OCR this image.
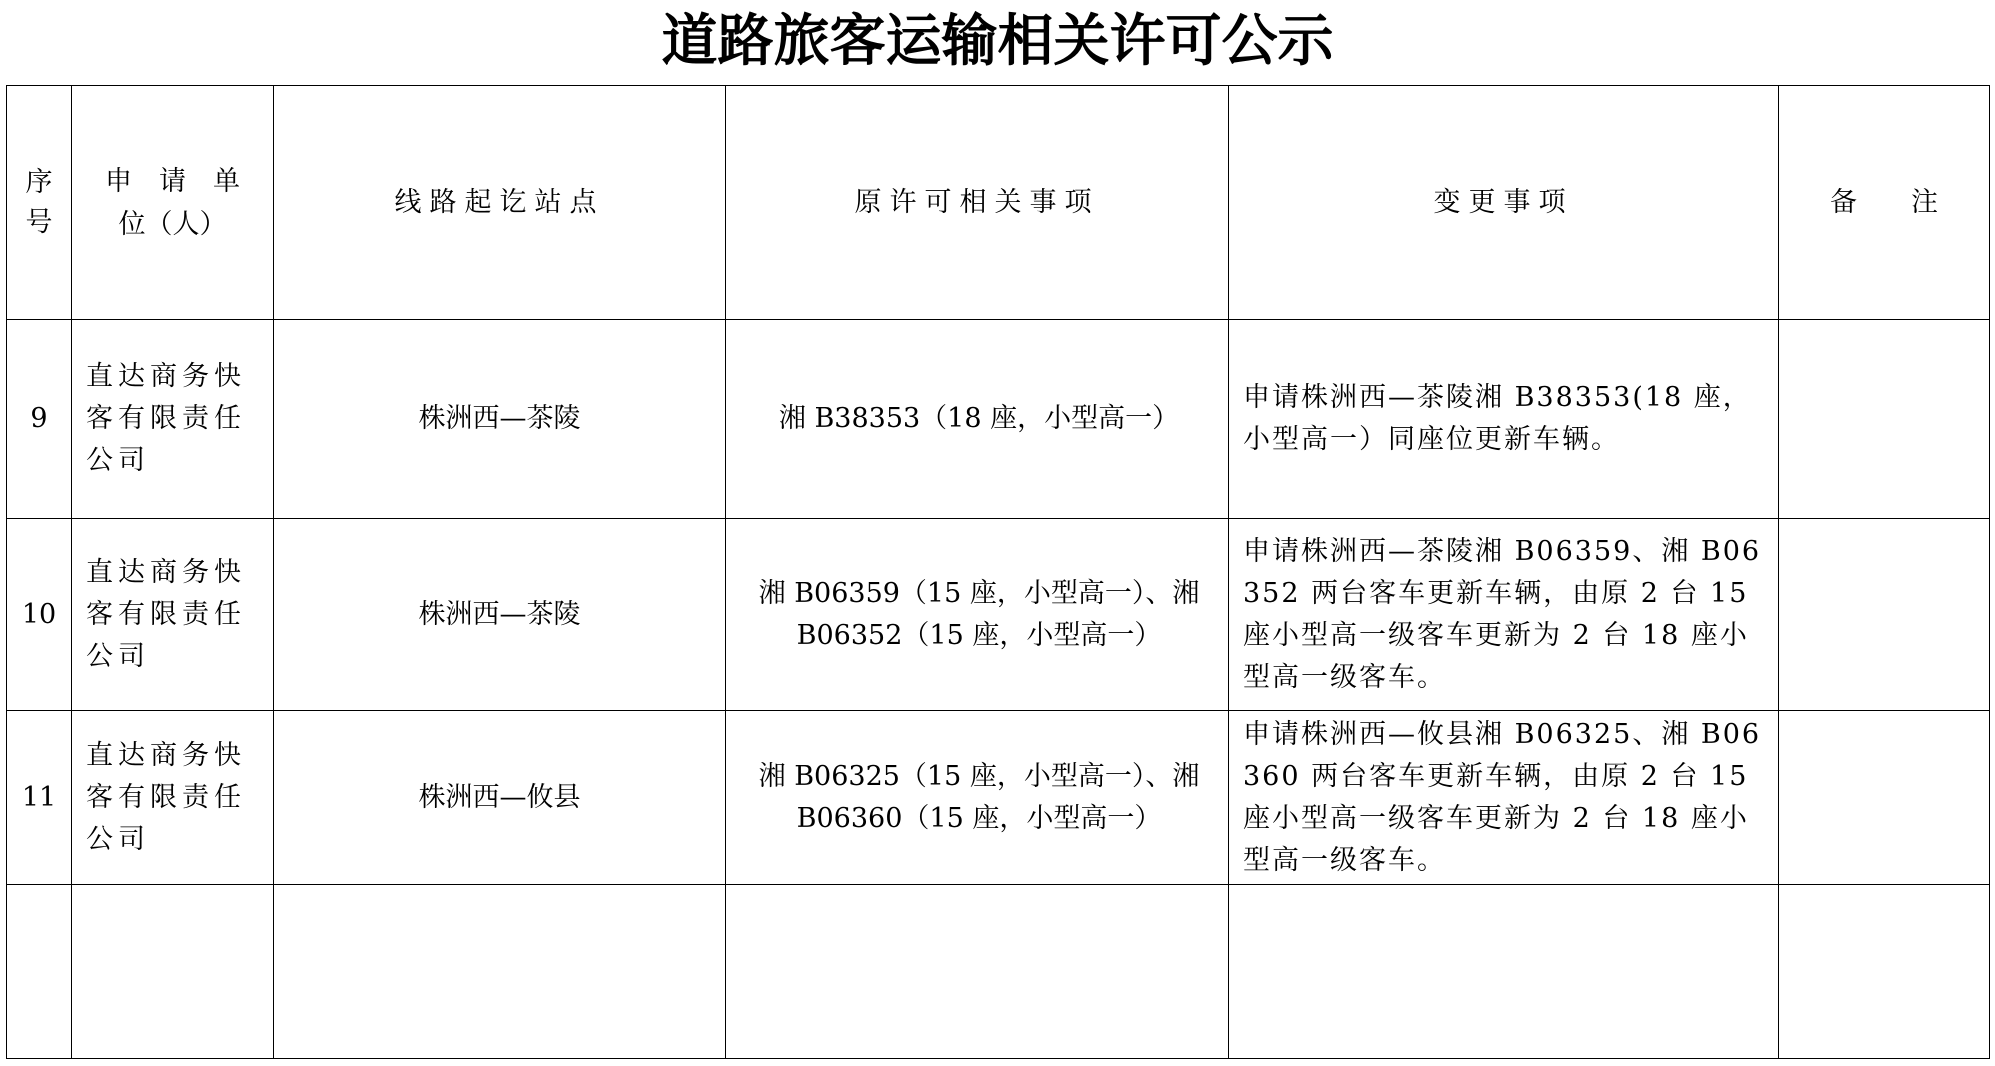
道路旅客运输相关许可公示
序号	申　请　单　位（人）	线路起讫站点	原许可相关事项	变更事项	备　　注
9	直达商务快客有限责任公司	株洲西—茶陵	湘 B38353（18 座，小型高一）	申请株洲西—茶陵湘 B38353(18 座，小型高一）同座位更新车辆。	
10	直达商务快客有限责任公司	株洲西—茶陵	湘 B06359（15 座，小型高一）、湘 B06352（15 座，小型高一）	申请株洲西—茶陵湘 B06359、湘 B06352 两台客车更新车辆，由原 2 台 15 座小型高一级客车更新为 2 台 18 座小型高一级客车。	
11	直达商务快客有限责任公司	株洲西—攸县	湘 B06325（15 座，小型高一）、湘 B06360（15 座，小型高一）	申请株洲西—攸县湘 B06325、湘 B06360 两台客车更新车辆，由原 2 台 15 座小型高一级客车更新为 2 台 18 座小型高一级客车。	
